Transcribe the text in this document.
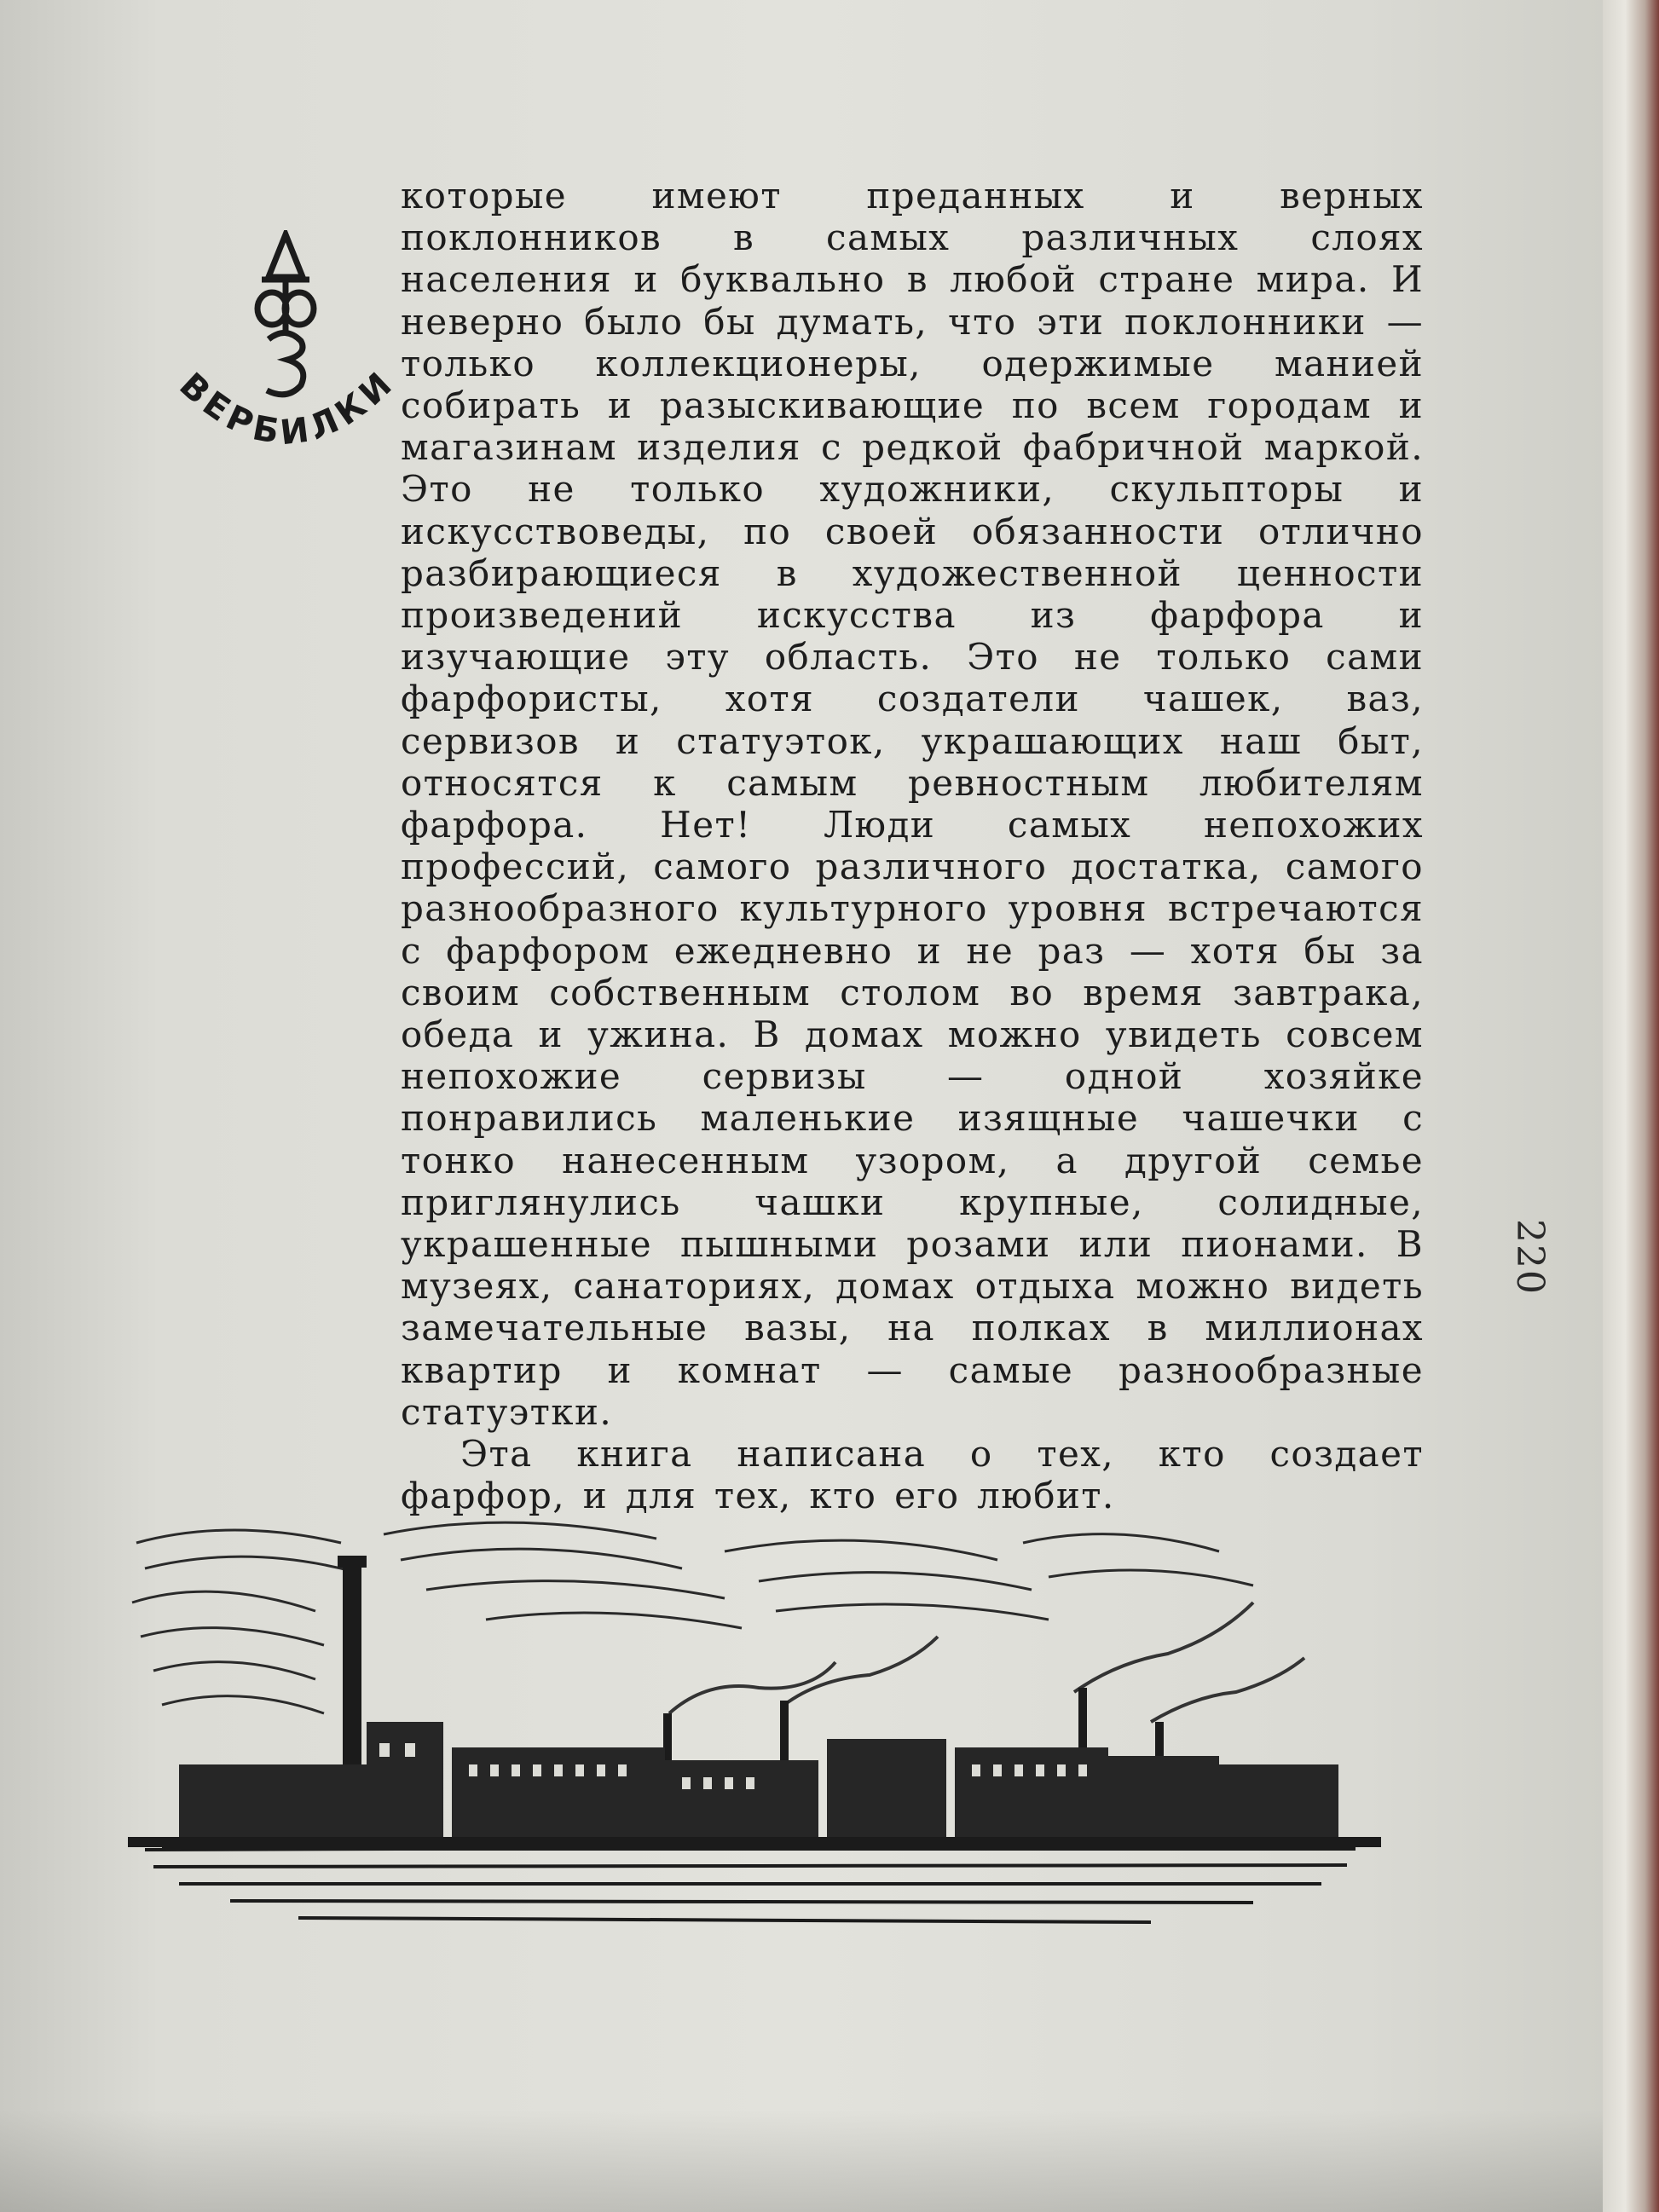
ВЕРБИЛКИ

которые имеют преданных и верных поклонников в самых различных слоях населения и буквально в любой стране мира. И неверно было бы думать, что эти поклонники — только коллекционеры, одержимые манией собирать и разыскивающие по всем городам и магазинам изделия с редкой фабричной маркой. Это не только художники, скульпторы и искусствоведы, по своей обязанности отлично разбирающиеся в художественной ценности произведений искусства из фарфора и изучающие эту область. Это не только сами фарфористы, хотя создатели чашек, ваз, сервизов и статуэток, украшающих наш быт, относятся к самым ревностным любителям фарфора. Нет! Люди самых непохожих профессий, самого различного достатка, самого разнообразного культурного уровня встречаются с фарфором ежедневно и не раз — хотя бы за своим собственным столом во время завтрака, обеда и ужина. В домах можно увидеть совсем непохожие сервизы — одной хозяйке понравились маленькие изящные чашечки с тонко нанесенным узором, а другой семье приглянулись чашки крупные, солидные, украшенные пышными розами или пионами. В музеях, санаториях, домах отдыха можно видеть замечательные вазы, на полках в миллионах квартир и комнат — самые разнообразные статуэтки.

Эта книга написана о тех, кто создает фарфор, и для тех, кто его любит.

220
